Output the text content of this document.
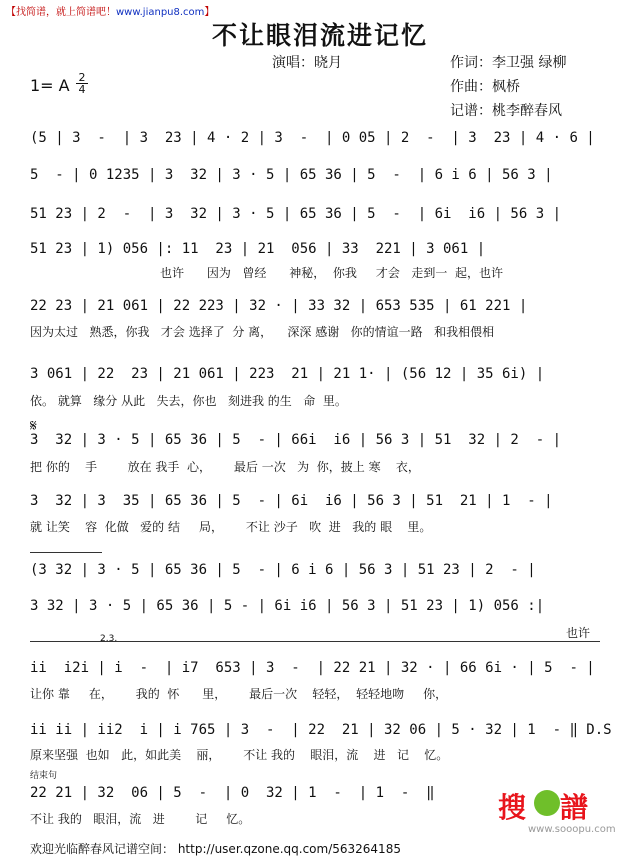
【找简谱，就上简谱吧！www.jianpu8.com】
不让眼泪流进记忆
演唱：晓月	作词：李卫强 绿柳
作曲：枫桥
记谱：桃李醉春风
1= A $\frac{2}{4}$
(5 | 3  -  | 3  23 | 4 · 2 | 3  -  | 0 05 | 2  -  | 3  23 | 4 · 6 |
5  - | 0 1235 | 3  32 | 3 · 5 | 65 36 | 5  -  | 6 i 6 | 56 3 |
51 23 | 2  -  | 3  32 | 3 · 5 | 65 36 | 5  -  | 6i  i6 | 56 3 |
51 23 | 1) 056 |: 11  23 | 21  056 | 33  221 | 3 061 |
也许      因为   曾经      神秘，  你我     才会   走到一  起，也许
22 23 | 21 061 | 22 223 | 32 · | 33 32 | 653 535 | 61 221 |
因为太过   熟悉，你我   才会 选择了  分 离，    深深 感谢   你的情谊一路   和我相偎相
3 061 | 22  23 | 21 061 | 223  21 | 21 1· | (56 12 | 35 6i) |
依。 就算   缘分 从此   失去，你也   刻进我 的生   命  里。
𝄋
3  32 | 3 · 5 | 65 36 | 5  - | 66i  i6 | 56 3 | 51  32 | 2  - |
把 你的    手        放在 我手  心，      最后 一次   为  你，披上 寒    衣，
3  32 | 3  35 | 65 36 | 5  - | 6i  i6 | 56 3 | 51  21 | 1  - |
就 让笑    容  化做   爱的 结     局，      不让 沙子   吹  进   我的 眼    里。
(3 32 | 3 · 5 | 65 36 | 5  - | 6 i 6 | 56 3 | 51 23 | 2  - |
3 32 | 3 · 5 | 65 36 | 5 - | 6i i6 | 56 3 | 51 23 | 1) 056 :|
也许
2.3.
ii  i2i | i  -  | i7  653 | 3  -  | 22 21 | 32 · | 66 6i · | 5  - |
让你 靠     在，      我的  怀      里，      最后一次    轻轻，  轻轻地吻     你，
ii ii | ii2  i | i 765 | 3  -  | 22  21 | 32 06 | 5 · 32 | 1  - ‖ D.S
原来坚强  也如   此，如此美    丽，      不让 我的    眼泪，流    进   记    忆。
结束句
22 21 | 32  06 | 5  -  | 0  32 | 1  -  | 1  -  ‖
不让 我的   眼泪，流   进        记     忆。	搜 譜
www.sooopu.com
欢迎光临醉春风记谱空间： http://user.qzone.qq.com/563264185
